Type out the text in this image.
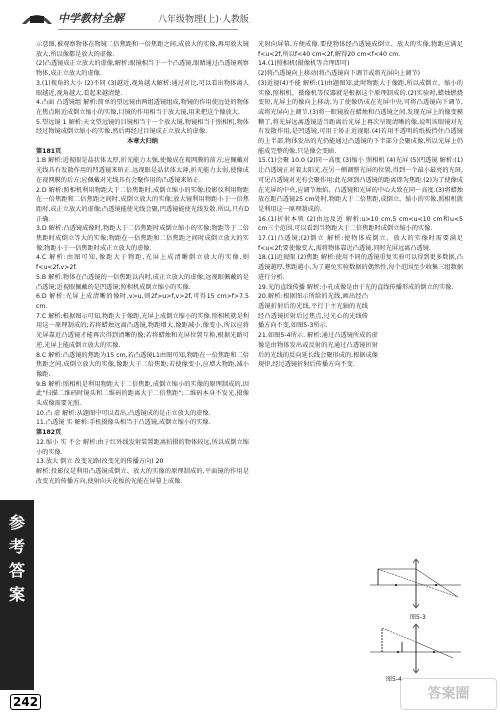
中学教材全解	八年级物理(上)·人教版

示意图,被观察物体在物镜二倍焦距和一倍焦距之间,成放大的实像,再用放大镜放大,所以像都是放大的虚像.

(2)凸透镜成正立放大的虚像,解析:眼镜相当于一个凸透镜,眼睛通过凸透镜观察物体,成正立放大的虚像.

3.(1)视角的大小 (2)不同 (3)越近,视角越大解析:通过对比,可以看出物体离人眼越近,视角越大,看起来越清楚.

4.凸面 凸透镜组 解析:简单的望远镜由两组透镜组成,物镜的作用使远处的物体在焦点附近成倒立缩小的实像,目镜的作用相当于放大镜,用来把这个像放大.

5.望远镜 1 解析:天文望远镜的目镜相当于一个放大镜,物镜相当于照相机,物体经过物镜成倒立缩小的实像,然后再经过目镜成正立放大的虚像.

本章大归纳

第181页

1.B 解析:近视眼是晶状体太厚,折光能力太强,使像成在视网膜的前方;应佩戴对光线具有发散作用的凹透镜来矫正.远视眼是晶状体太薄,折光能力太弱,使像成在视网膜的后方;应佩戴对光线具有会聚作用的凸透镜来矫正.

2.D 解析:照相机利用物距大于二倍焦距时,成倒立缩小的实像;投影仪利用物距在一倍焦距和二倍焦距之间时,成倒立放大的实像;放大镜利用物距小于一倍焦距时,成正立放大的虚像;凸透镜能使光线会聚,凹透镜能使光线发散.所以,只有D正确.

3.D 解析:凸透镜成像时,物距大于二倍焦距时成倒立缩小的实像;物距等于二倍焦距时成倒立等大的实像;物距在一倍焦距和二倍焦距之间时成倒立放大的实像;物距小于一倍焦距时成正立放大的虚像.

4.C 解析:由图可知,像距大于物距,光屏上成清晰倒立放大的实像,则f<u<2f,v>2f.

5.B 解析:物体在凸透镜的一倍焦距以内时,成正立放大的虚像;远视眼佩戴的是凸透镜;近视眼佩戴的是凹透镜;照相机成倒立缩小的实像.

6.D 解析:光屏上成清晰的像时,v>u,则2f>u>f,v>2f,可得15 cm>f>7.5 cm.

7.C 解析:根据图示可知,物距大于像距,光屏上成倒立缩小的实像.照相机就是利用这一原理制成的;若将蜡烛远离凸透镜,物距增大,像距减小,像变小,所以应将光屏靠近凸透镜才能再次得到清晰的像;若将蜡烛和光屏位置互换,根据光路可逆,光屏上能成倒立放大的实像.

8.C 解析:凸透镜的焦距为15 cm,若凸透镜L1由图可知,物距在一倍焦距和二倍焦距之间,成倒立放大的实像,像距大于二倍焦距;若使像变小,应增大物距,减小像距.

9.B 解析:照相机是利用物距大于二倍焦距,成倒立缩小的实像的原理制成的,因此"扫描二维码时镜头和二维码的距离大于二倍焦距";二维码本身不发光,摄像头成像需要光照.

10.凸 虚 解析:从题图中可以看出,凸透镜成的是正立放大的虚像.

11.凸透镜 实 解析:手机摄像头相当于凸透镜,成倒立缩小的实像.

第182页

12.缩小 实 不会 解析:由于红外线发射装置距离拍摄的物体较远,所以成倒立缩小的实像.

13.放大 倒立 改变光路(改变光的传播方向) 20

解析:投影仪是利用凸透镜成倒立、放大的实像的原理制成的,平面镜的作用是改变光的传播方向,使射向天花板的光能在屏幕上成像.

光射向屏幕,方便成像.要使物体经凸透镜成倒立、放大的实像,物距应满足f<u<2f,所以f<40 cm<2f,解得20 cm<f<40 cm.

14.(1)照相机(摄像机等合理即可)

(2)将凸透镜向上移动(将凸透镜向下调节或将光屏向上调节)

(3)近视(4)不能 解析:(1)由题图知,此时物距大于像距,所以成倒立、缩小的实像,照相机、摄像机等仪器就是根据这个原理制成的.(2)实验时,蜡烛燃烧变短,光屏上的像向上移动,为了使像仍成在光屏中央,可将凸透镜向下调节,或将光屏向上调节.(3)将一眼镜放在蜡烛和凸透镜之间,发现光屏上的像变模糊了,将光屏远离透镜适当距离后光屏上再次呈现清晰的像,说明该眼镜对光有发散作用,是凹透镜,可用于矫正近视眼.(4)若用不透明的纸板挡住凸透镜的上半部,物体发出的光仍能通过凸透镜的下半部分会聚成像,所以光屏上仍能成完整的像,只是像会变暗.

15.(1)会聚 10.0 (2)同一高度 (3)缩小 照相机 (4)光屏 (5)凹透镜 解析:(1)让凸透镜正对着太阳光,在另一侧调整光屏的位置,得到一个最小最亮的光斑,可见凸透镜对光有会聚作用;此光斑到凸透镜的距离即为焦距.(2)为了使像成在光屏的中央,应调节烛焰、凸透镜和光屏的中心大致在同一高度.(3)将蜡烛放在距凸透镜25 cm处时,物距大于二倍焦距,成倒立、缩小的实像,照相机就是利用这一原理制成的.

16.(1)折射本领 (2)由远及近 解析:u>10 cm,5 cm<u<10 cm和u<5 cm三个范围,可以看到当物距大于二倍焦距时成倒立缩小的实像.

17.(1)凸透镜;(2)倒立 解析:使物体成倒立、放大的实像时需要满足f<u<2f;要使像变大,需将物体靠近凸透镜,同时光屏远离凸透镜.

18.(1)近视眼 (2)焦距 解析:使用不同的透镜重复实验可以得到更多数据,凸透镜越厚,焦距越小,为了避免实验数据的偶然性,每个范围至少收集三组数据进行分析.

19.光的直线传播 解析:小孔成像是由于光的直线传播形成的倒立的实像.

20.解析:根据图示所给的光线,画出经凸透镜折射后的光线,平行于主光轴的光线经凸透镜折射后过焦点,过光心的光线传播方向不变,如图5-3所示.

21.如图5-4所示. 解析:通过凸透镜所成的虚像是由物体发出或反射的光通过凸透镜折射后的光线的反向延长线会聚形成的,根据成像规律,经过透镜折射后传播方向不变.

图5-3
图5-4
参
考
答
案
242	答案圈
